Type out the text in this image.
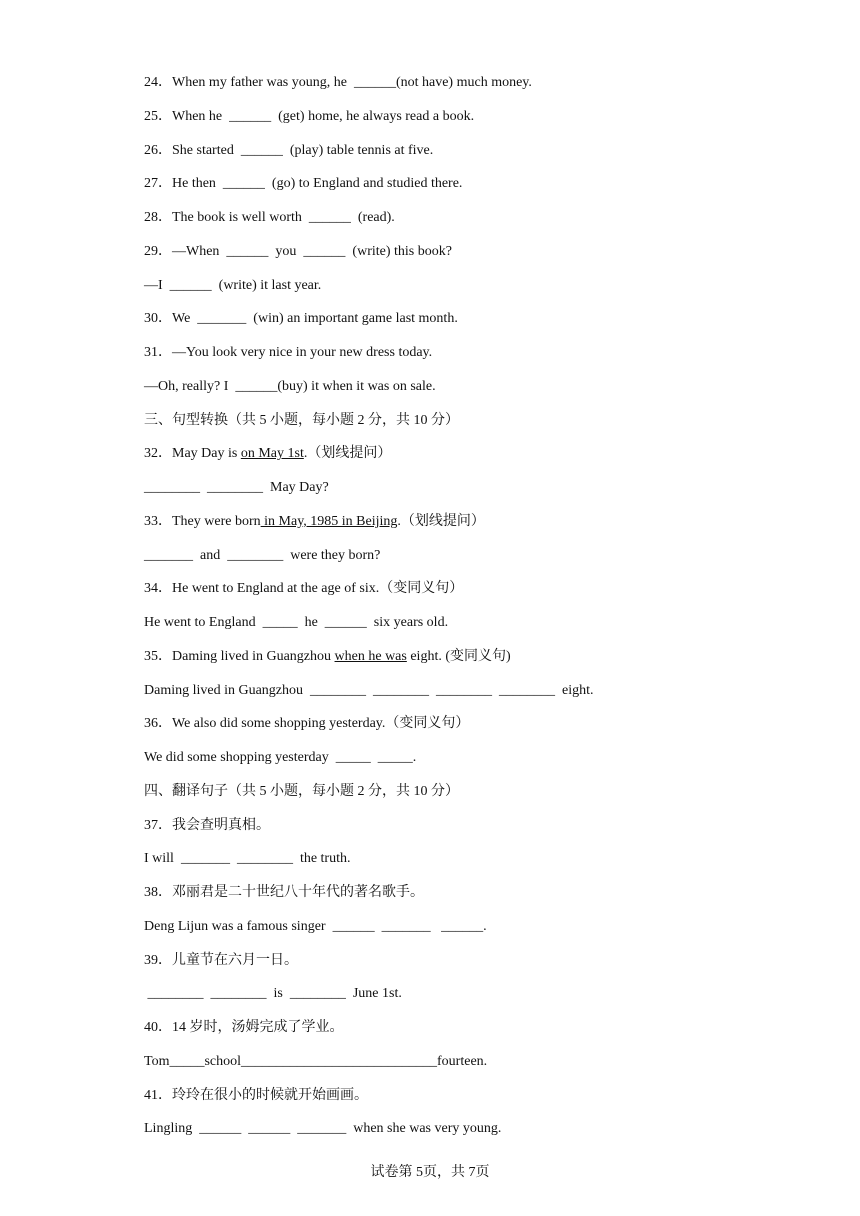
24．When my father was young, he  ______(not have) much money.
25．When he  ______  (get) home, he always read a book.
26．She started  ______  (play) table tennis at five.
27．He then  ______  (go) to England and studied there.
28．The book is well worth  ______  (read).
29．—When  ______  you  ______  (write) this book?
—I  ______  (write) it last year.
30．We  _______  (win) an important game last month.
31．—You look very nice in your new dress today.
—Oh, really? I  ______(buy) it when it was on sale.
三、句型转换（共 5 小题，每小题 2 分，共 10 分）
32．May Day is on May 1st.（划线提问）
________  ________  May Day?
33．They were born in May, 1985 in Beijing.（划线提问）
_______  and  ________  were they born?
34．He went to England at the age of six.（变同义句）
He went to England  _____  he  ______  six years old.
35．Daming lived in Guangzhou when he was eight. (变同义句)
Daming lived in Guangzhou  ________  ________  ________  ________  eight.
36．We also did some shopping yesterday.（变同义句）
We did some shopping yesterday  _____  _____.
四、翻译句子（共 5 小题，每小题 2 分，共 10 分）
37．我会查明真相。
I will  _______  ________  the truth.
38．邓丽君是二十世纪八十年代的著名歌手。
Deng Lijun was a famous singer  ______  _______   ______.
39．儿童节在六月一日。
________  ________  is  ________  June 1st.
40．14 岁时，汤姆完成了学业。
Tom_____school____________________________fourteen.
41．玲玲在很小的时候就开始画画。
Lingling  ______  ______  _______  when she was very young.
试卷第 5页，共 7页
